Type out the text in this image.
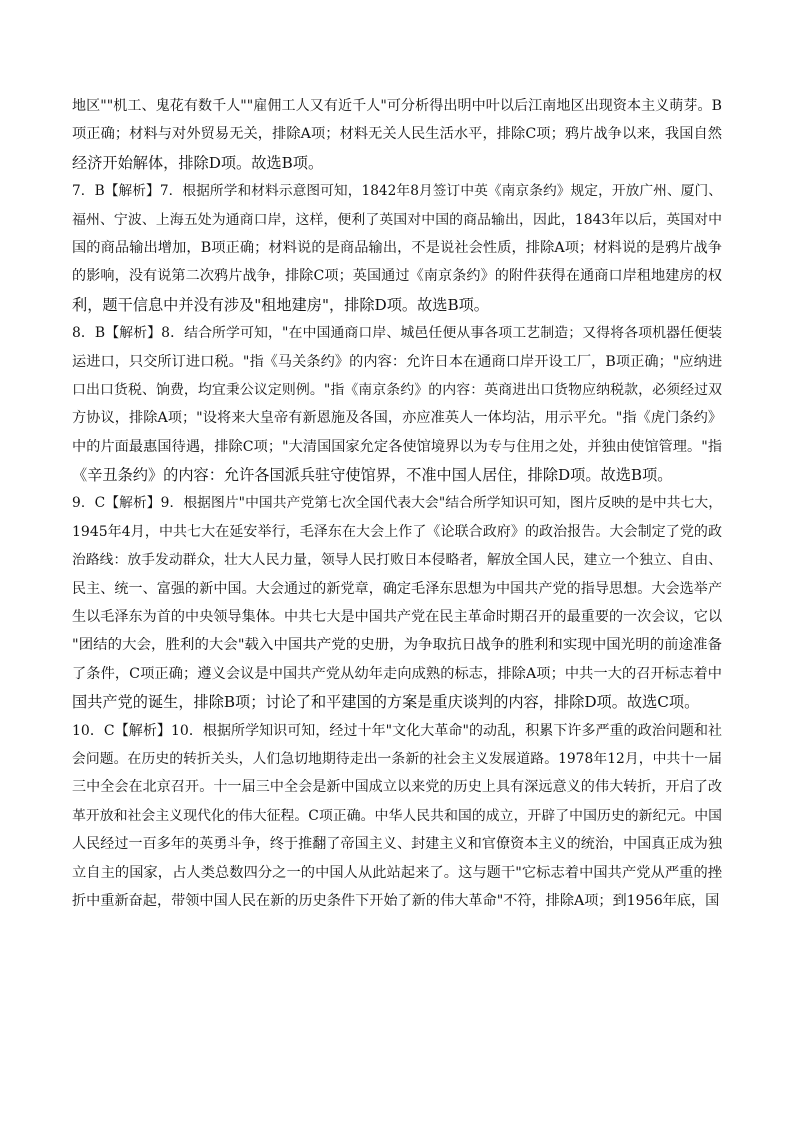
地区""机工、鬼花有数千人""雇佣工人又有近千人"可分析得出明中叶以后江南地区出现资本主义萌芽。B
项正确；材料与对外贸易无关，排除A项；材料无关人民生活水平，排除C项；鸦片战争以来，我国自然
经济开始解体，排除D项。故选B项。
7．B【解析】7．根据所学和材料示意图可知，1842年8月签订中英《南京条约》规定，开放广州、厦门、
福州、宁波、上海五处为通商口岸，这样，便利了英国对中国的商品输出，因此，1843年以后，英国对中
国的商品输出增加，B项正确；材料说的是商品输出，不是说社会性质，排除A项；材料说的是鸦片战争
的影响，没有说第二次鸦片战争，排除C项；英国通过《南京条约》的附件获得在通商口岸租地建房的权
利，题干信息中并没有涉及"租地建房"，排除D项。故选B项。
8．B【解析】8．结合所学可知，"在中国通商口岸、城邑任便从事各项工艺制造；又得将各项机器任便装
运进口，只交所订进口税。"指《马关条约》的内容：允许日本在通商口岸开设工厂，B项正确；"应纳进
口出口货税、饷费，均宜秉公议定则例。"指《南京条约》的内容：英商进出口货物应纳税款，必须经过双
方协议，排除A项；"设将来大皇帝有新恩施及各国，亦应准英人一体均沾，用示平允。"指《虎门条约》
中的片面最惠国待遇，排除C项；"大清国国家允定各使馆境界以为专与住用之处，并独由使馆管理。"指
《辛丑条约》的内容：允许各国派兵驻守使馆界，不准中国人居住，排除D项。故选B项。
9．C【解析】9．根据图片"中国共产党第七次全国代表大会"结合所学知识可知，图片反映的是中共七大，
1945年4月，中共七大在延安举行，毛泽东在大会上作了《论联合政府》的政治报告。大会制定了党的政
治路线：放手发动群众，壮大人民力量，领导人民打败日本侵略者，解放全国人民，建立一个独立、自由、
民主、统一、富强的新中国。大会通过的新党章，确定毛泽东思想为中国共产党的指导思想。大会选举产
生以毛泽东为首的中央领导集体。中共七大是中国共产党在民主革命时期召开的最重要的一次会议，它以
"团结的大会，胜利的大会"载入中国共产党的史册，为争取抗日战争的胜利和实现中国光明的前途准备
了条件，C项正确；遵义会议是中国共产党从幼年走向成熟的标志，排除A项；中共一大的召开标志着中
国共产党的诞生，排除B项；讨论了和平建国的方案是重庆谈判的内容，排除D项。故选C项。
10．C【解析】10．根据所学知识可知，经过十年"文化大革命"的动乱，积累下许多严重的政治问题和社
会问题。在历史的转折关头，人们急切地期待走出一条新的社会主义发展道路。1978年12月，中共十一届
三中全会在北京召开。十一届三中全会是新中国成立以来党的历史上具有深远意义的伟大转折，开启了改
革开放和社会主义现代化的伟大征程。C项正确。中华人民共和国的成立，开辟了中国历史的新纪元。中国
人民经过一百多年的英勇斗争，终于推翻了帝国主义、封建主义和官僚资本主义的统治，中国真正成为独
立自主的国家，占人类总数四分之一的中国人从此站起来了。这与题干"它标志着中国共产党从严重的挫
折中重新奋起，带领中国人民在新的历史条件下开始了新的伟大革命"不符，排除A项；到1956年底，国
